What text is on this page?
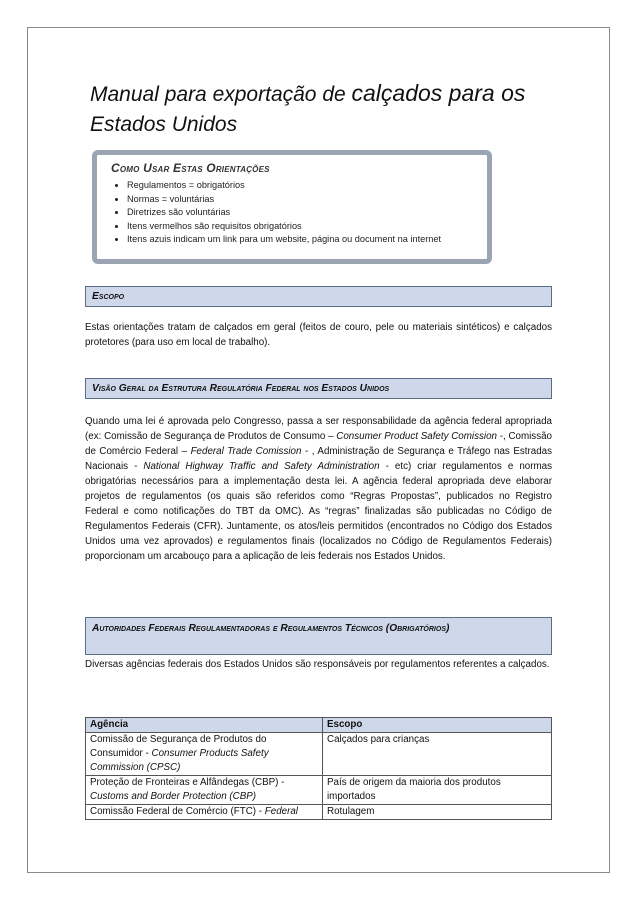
Manual para exportação de calçados para os
Estados Unidos
Como Usar Estas Orientações
• Regulamentos = obrigatórios
• Normas = voluntárias
• Diretrizes são voluntárias
• Itens vermelhos são requisitos obrigatórios
• Itens azuis indicam um link para um website, página ou document na internet
Escopo

Estas orientações tratam de calçados em geral (feitos de couro, pele ou materiais sintéticos) e calçados protetores (para uso em local de trabalho).

Visão Geral da Estrutura Regulatória Federal nos Estados Unidos

Quando uma lei é aprovada pelo Congresso, passa a ser responsabilidade da agência federal apropriada (ex: Comissão de Segurança de Produtos de Consumo – Consumer Product Safety Comission -, Comissão de Comércio Federal – Federal Trade Comission - , Administração de Segurança e Tráfego nas Estradas Nacionais - National Highway Traffic and Safety Administration - etc) criar regulamentos e normas obrigatórias necessários para a implementação desta lei. A agência federal apropriada deve elaborar projetos de regulamentos (os quais são referidos como “Regras Propostas”, publicados no Registro Federal e como notificações do TBT da OMC). As “regras” finalizadas são publicadas no Código de Regulamentos Federais (CFR). Juntamente, os atos/leis permitidos (encontrados no Código dos Estados Unidos uma vez aprovados) e regulamentos finais (localizados no Código de Regulamentos Federais) proporcionam um arcabouço para a aplicação de leis federais nos Estados Unidos.

Autoridades Federais Regulamentadoras e Regulamentos Técnicos (Obrigatórios)

Diversas agências federais dos Estados Unidos são responsáveis por regulamentos referentes a calçados.

Agência	Escopo
Comissão de Segurança de Produtos do Consumidor - Consumer Products Safety Commission (CPSC)	Calçados para crianças
Proteção de Fronteiras e Alfândegas (CBP) - Customs and Border Protection (CBP)	País de origem da maioria dos produtos importados
Comissão Federal de Comércio (FTC) - Federal	Rotulagem
